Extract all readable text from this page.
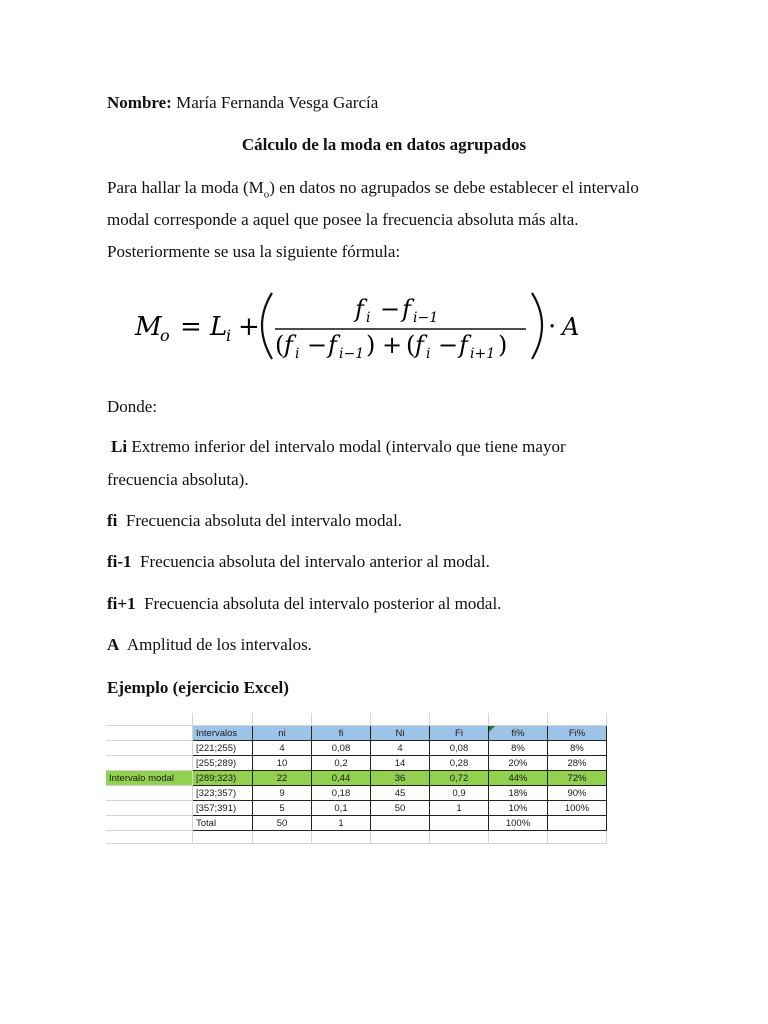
Nombre: María Fernanda Vesga García
Cálculo de la moda en datos agrupados
Para hallar la moda $(M_o)$ en datos no agrupados se debe establecer el intervalo
modal corresponde a aquel que posee la frecuencia absoluta más alta.
Posteriormente se usa la siguiente fórmula:
M
o = L
i +
f i − f i−1
( f i − f i−1 ) + ( f i − f i+1 )
· A
Donde:
Li Extremo inferior del intervalo modal (intervalo que tiene mayor
frecuencia absoluta).
fi  Frecuencia absoluta del intervalo modal.
fi-1  Frecuencia absoluta del intervalo anterior al modal.
fi+1  Frecuencia absoluta del intervalo posterior al modal.
A  Amplitud de los intervalos.
Ejemplo (ejercicio Excel)

	Intervalos	ni	fi	Ni	Fi	fi%	Fi%
	[221;255)	4	0,08	4	0,08	8%	8%
	[255;289)	10	0,2	14	0,28	20%	28%
Intervalo modal	[289;323)	22	0,44	36	0,72	44%	72%
	[323;357)	9	0,18	45	0,9	18%	90%
	[357;391)	5	0,1	50	1	10%	100%
	Total	50	1			100%	
